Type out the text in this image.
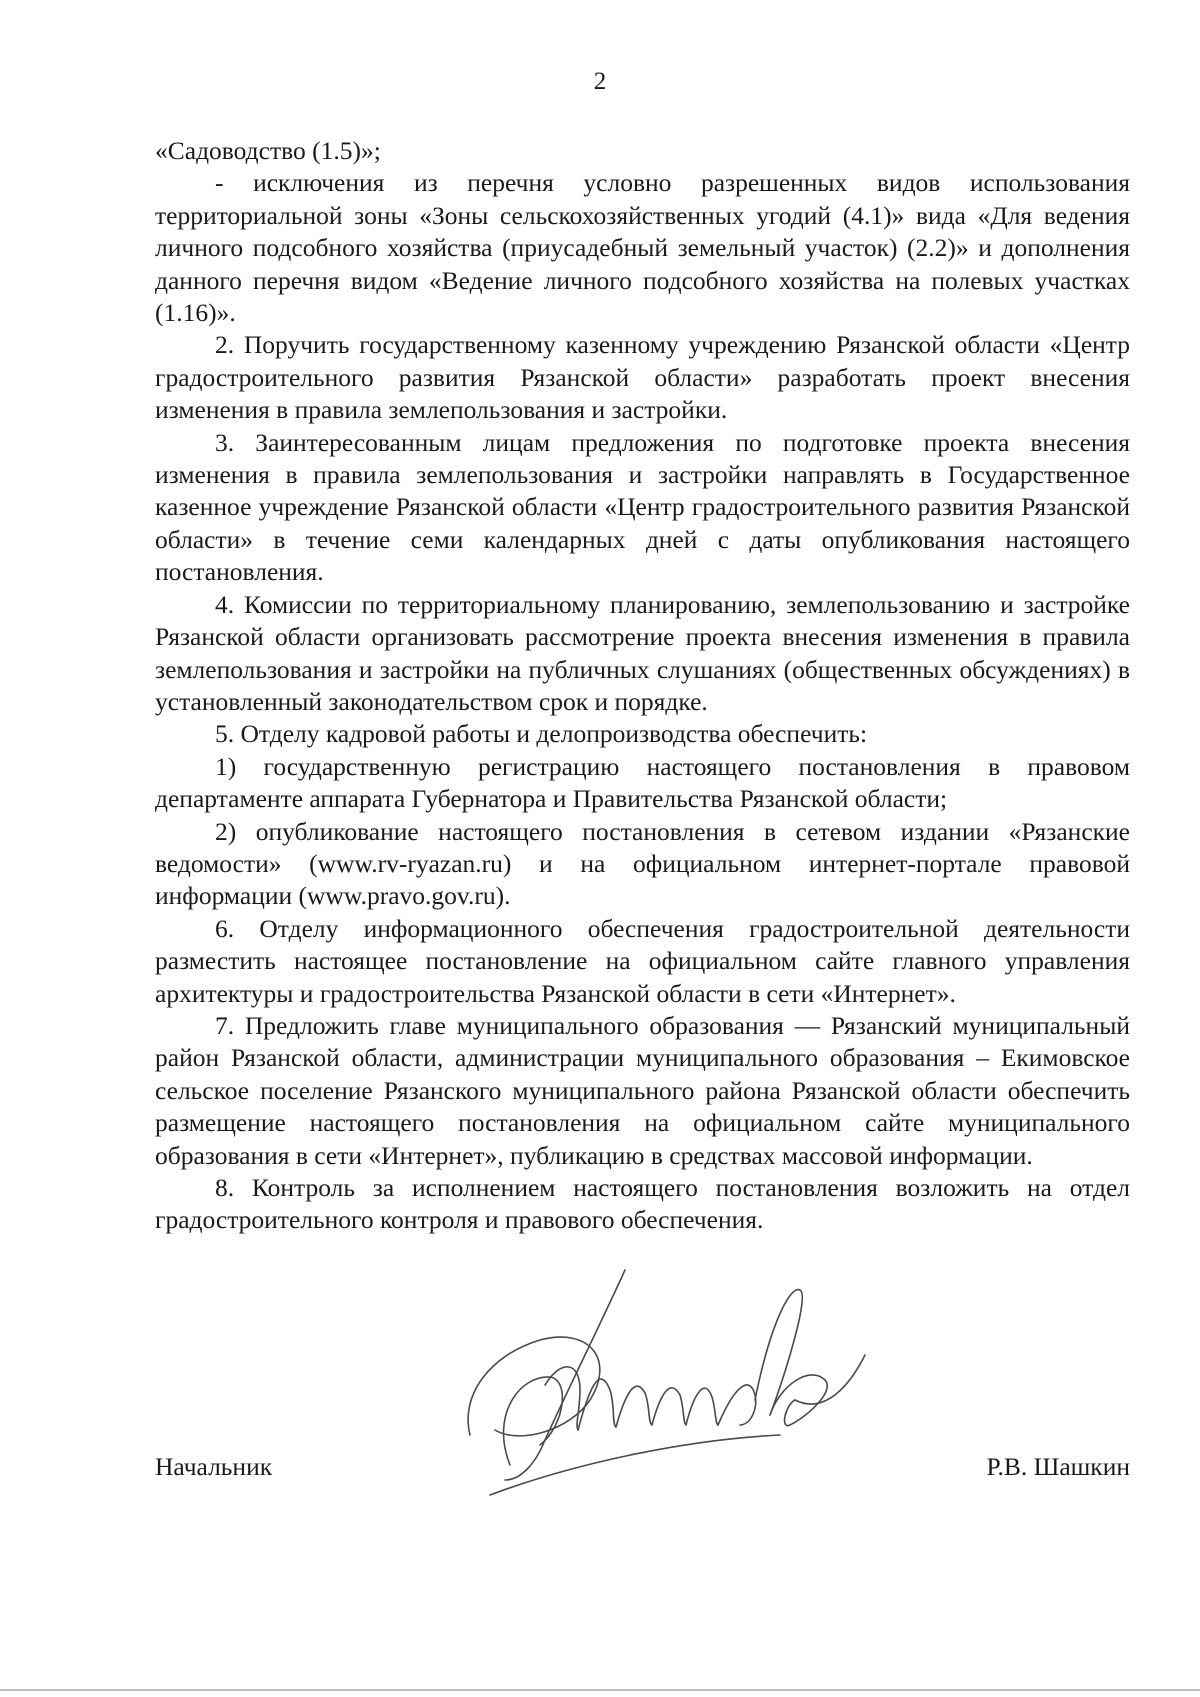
2

«Садоводство (1.5)»;

- исключения из перечня условно разрешенных видов использования территориальной зоны «Зоны сельскохозяйственных угодий (4.1)» вида «Для ведения личного подсобного хозяйства (приусадебный земельный участок) (2.2)» и дополнения данного перечня видом «Ведение личного подсобного хозяйства на полевых участках (1.16)».

2. Поручить государственному казенному учреждению Рязанской области «Центр градостроительного развития Рязанской области» разработать проект внесения изменения в правила землепользования и застройки.

3. Заинтересованным лицам предложения по подготовке проекта внесения изменения в правила землепользования и застройки направлять в Государственное казенное учреждение Рязанской области «Центр градостроительного развития Рязанской области» в течение семи календарных дней с даты опубликования настоящего постановления.

4. Комиссии по территориальному планированию, землепользованию и застройке Рязанской области организовать рассмотрение проекта внесения изменения в правила землепользования и застройки на публичных слушаниях (общественных обсуждениях) в установленный законодательством срок и порядке.

5. Отделу кадровой работы и делопроизводства обеспечить:

1) государственную регистрацию настоящего постановления в правовом департаменте аппарата Губернатора и Правительства Рязанской области;

2) опубликование настоящего постановления в сетевом издании «Рязанские ведомости» (www.rv-ryazan.ru) и на официальном интернет-портале правовой информации (www.pravo.gov.ru).

6. Отделу информационного обеспечения градостроительной деятельности разместить настоящее постановление на официальном сайте главного управления архитектуры и градостроительства Рязанской области в сети «Интернет».

7. Предложить главе муниципального образования — Рязанский муниципальный район Рязанской области, администрации муниципального образования – Екимовское сельское поселение Рязанского муниципального района Рязанской области обеспечить размещение настоящего постановления на официальном сайте муниципального образования в сети «Интернет», публикацию в средствах массовой информации.

8. Контроль за исполнением настоящего постановления возложить на отдел градостроительного контроля и правового обеспечения.

Начальник	Р.В. Шашкин
